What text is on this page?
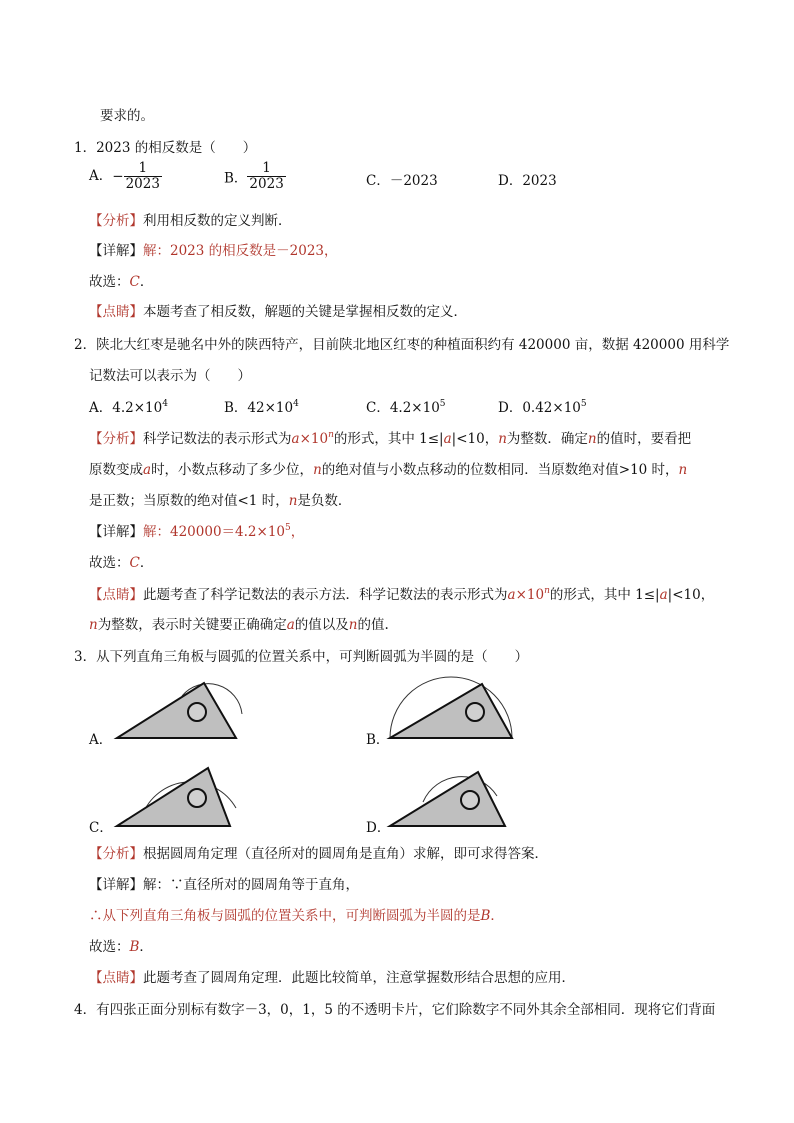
要求的。
1．2023 的相反数是（　　）
A．− $\frac{1}{2023}$	B． $\frac{1}{2023}$	C．－2023	D．2023
【分析】利用相反数的定义判断．
【详解】解：2023 的相反数是－2023，
故选：C．
【点睛】本题考查了相反数，解题的关键是掌握相反数的定义．
2．陕北大红枣是驰名中外的陕西特产，目前陕北地区红枣的种植面积约有 420000 亩，数据 420000 用科学
记数法可以表示为（　　）
A．$4.2\times 10^4$	B．$42\times 10^4$	C．$4.2\times 10^5$	D．$0.42\times 10^5$
【分析】科学记数法的表示形式为$a\times 10^n$的形式，其中 1≤|a|<10，n为整数．确定n的值时，要看把
原数变成a时，小数点移动了多少位，n的绝对值与小数点移动的位数相同．当原数绝对值>10 时，n
是正数；当原数的绝对值<1 时，n是负数．
【详解】解：$420000=4.2\times 10^5$，
故选：C．
【点睛】此题考查了科学记数法的表示方法．科学记数法的表示形式为$a\times 10^n$的形式，其中 1≤|a|<10，
n为整数，表示时关键要正确确定a的值以及n的值.
3．从下列直角三角板与圆弧的位置关系中，可判断圆弧为半圆的是（　　）
A．	B．
C．	D．
【分析】根据圆周角定理（直径所对的圆周角是直角）求解，即可求得答案．
【详解】解：∵直径所对的圆周角等于直角，
∴从下列直角三角板与圆弧的位置关系中，可判断圆弧为半圆的是B．
故选：B．
【点睛】此题考查了圆周角定理．此题比较简单，注意掌握数形结合思想的应用．
4．有四张正面分别标有数字－3，0，1，5 的不透明卡片，它们除数字不同外其余全部相同．现将它们背面
